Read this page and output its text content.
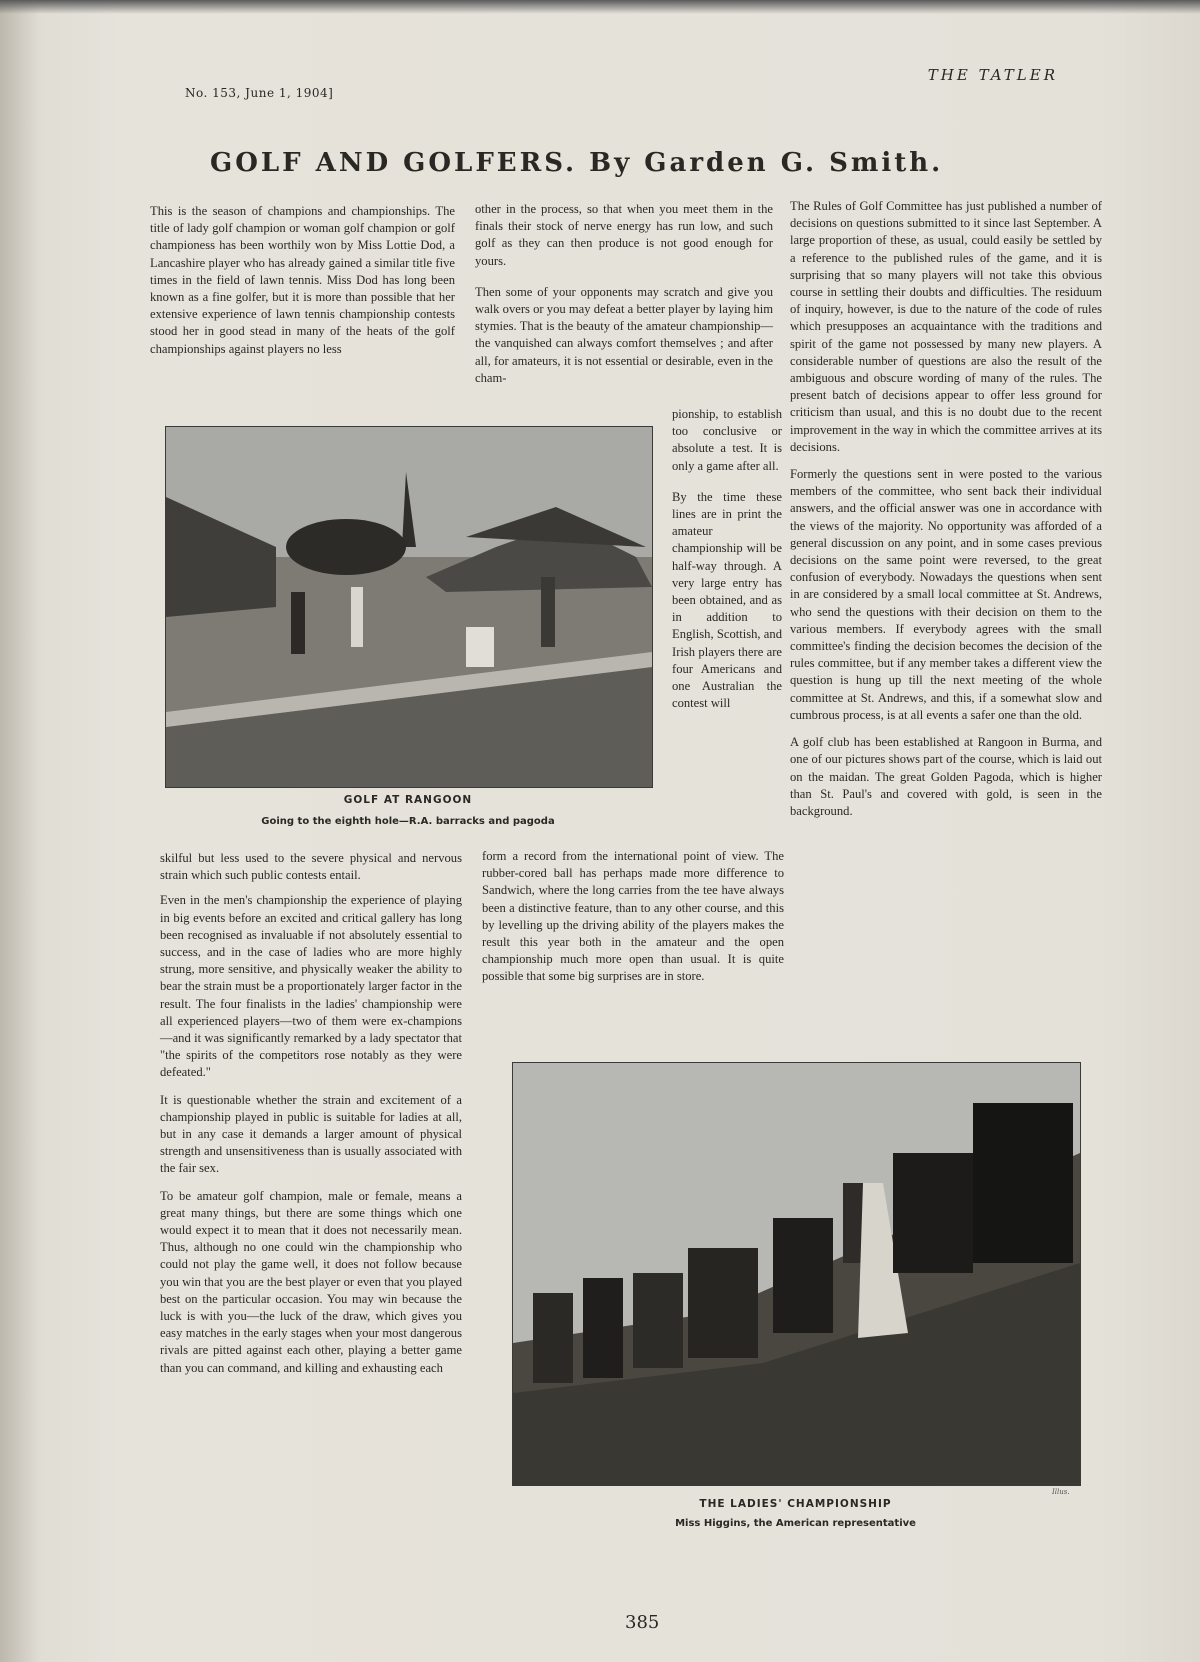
No. 153, June 1, 1904]
THE TATLER
GOLF AND GOLFERS. By Garden G. Smith.

This is the season of champions and championships. The title of lady golf champion or woman golf champion or golf championess has been worthily won by Miss Lottie Dod, a Lancashire player who has already gained a similar title five times in the field of lawn tennis. Miss Dod has long been known as a fine golfer, but it is more than possible that her extensive experience of lawn tennis championship contests stood her in good stead in many of the heats of the golf championships against players no less

other in the process, so that when you meet them in the finals their stock of nerve energy has run low, and such golf as they can then produce is not good enough for yours.

Then some of your opponents may scratch and give you walk overs or you may defeat a better player by laying him stymies. That is the beauty of the amateur championship—the vanquished can always comfort themselves ; and after all, for amateurs, it is not essential or desirable, even in the cham-

pionship, to establish too conclusive or absolute a test. It is only a game after all.

By the time these lines are in print the amateur championship will be half-way through. A very large entry has been obtained, and as in addition to English, Scottish, and Irish players there are four Americans and one Australian the contest will

The Rules of Golf Committee has just published a number of decisions on questions submitted to it since last September. A large proportion of these, as usual, could easily be settled by a reference to the published rules of the game, and it is surprising that so many players will not take this obvious course in settling their doubts and difficulties. The residuum of inquiry, however, is due to the nature of the code of rules which presupposes an acquaintance with the traditions and spirit of the game not possessed by many new players. A considerable number of questions are also the result of the ambiguous and obscure wording of many of the rules. The present batch of decisions appear to offer less ground for criticism than usual, and this is no doubt due to the recent improvement in the way in which the committee arrives at its decisions.

Formerly the questions sent in were posted to the various members of the committee, who sent back their individual answers, and the official answer was one in accordance with the views of the majority. No opportunity was afforded of a general discussion on any point, and in some cases previous decisions on the same point were reversed, to the great confusion of everybody. Nowadays the questions when sent in are considered by a small local committee at St. Andrews, who send the questions with their decision on them to the various members. If everybody agrees with the small committee's finding the decision becomes the decision of the rules committee, but if any member takes a different view the question is hung up till the next meeting of the whole committee at St. Andrews, and this, if a somewhat slow and cumbrous process, is at all events a safer one than the old.

A golf club has been established at Rangoon in Burma, and one of our pictures shows part of the course, which is laid out on the maidan. The great Golden Pagoda, which is higher than St. Paul's and covered with gold, is seen in the background.

GOLF AT RANGOON
Going to the eighth hole—R.A. barracks and pagoda

skilful but less used to the severe physical and nervous strain which such public contests entail.

Even in the men's championship the experience of playing in big events before an excited and critical gallery has long been recognised as invaluable if not absolutely essential to success, and in the case of ladies who are more highly strung, more sensitive, and physically weaker the ability to bear the strain must be a proportionately larger factor in the result. The four finalists in the ladies' championship were all experienced players—two of them were ex-champions—and it was significantly remarked by a lady spectator that "the spirits of the competitors rose notably as they were defeated."

It is questionable whether the strain and excitement of a championship played in public is suitable for ladies at all, but in any case it demands a larger amount of physical strength and unsensitiveness than is usually associated with the fair sex.

To be amateur golf champion, male or female, means a great many things, but there are some things which one would expect it to mean that it does not necessarily mean. Thus, although no one could win the championship who could not play the game well, it does not follow because you win that you are the best player or even that you played best on the particular occasion. You may win because the luck is with you—the luck of the draw, which gives you easy matches in the early stages when your most dangerous rivals are pitted against each other, playing a better game than you can command, and killing and exhausting each

form a record from the international point of view. The rubber-cored ball has perhaps made more difference to Sandwich, where the long carries from the tee have always been a distinctive feature, than to any other course, and this by levelling up the driving ability of the players makes the result this year both in the amateur and the open championship much more open than usual. It is quite possible that some big surprises are in store.

Illus.
THE LADIES' CHAMPIONSHIP
Miss Higgins, the American representative
385
